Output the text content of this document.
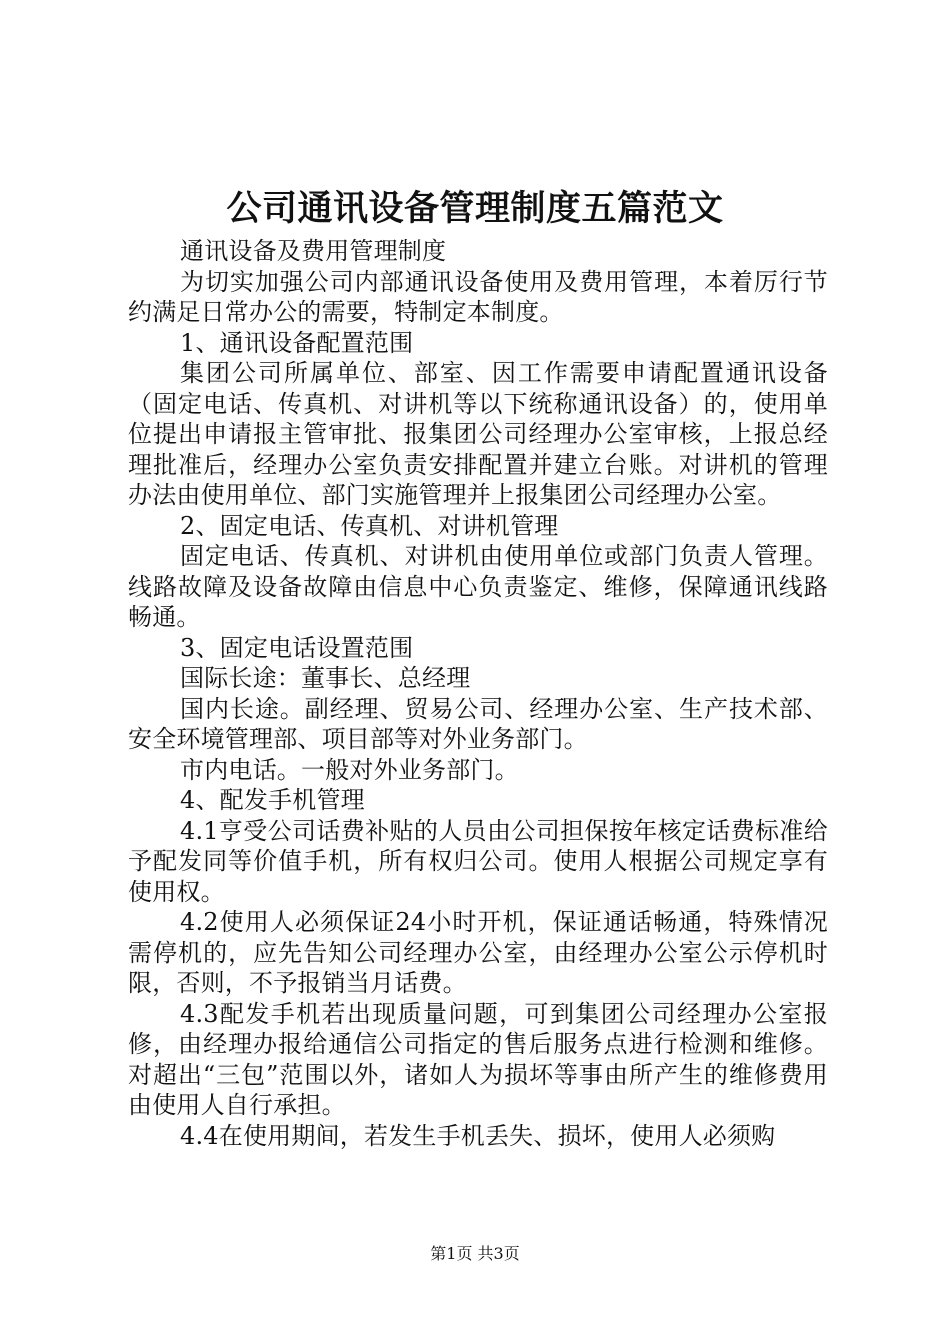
公司通讯设备管理制度五篇范文

通讯设备及费用管理制度

为切实加强公司内部通讯设备使用及费用管理，本着厉行节约满足日常办公的需要，特制定本制度。

1、通讯设备配置范围

集团公司所属单位、部室、因工作需要申请配置通讯设备（固定电话、传真机、对讲机等以下统称通讯设备）的，使用单位提出申请报主管审批、报集团公司经理办公室审核，上报总经理批准后，经理办公室负责安排配置并建立台账。对讲机的管理办法由使用单位、部门实施管理并上报集团公司经理办公室。

2、固定电话、传真机、对讲机管理

固定电话、传真机、对讲机由使用单位或部门负责人管理。线路故障及设备故障由信息中心负责鉴定、维修，保障通讯线路畅通。

3、固定电话设置范围

国际长途：董事长、总经理

国内长途。副经理、贸易公司、经理办公室、生产技术部、安全环境管理部、项目部等对外业务部门。

市内电话。一般对外业务部门。

4、配发手机管理

4.1亨受公司话费补贴的人员由公司担保按年核定话费标准给予配发同等价值手机，所有权归公司。使用人根据公司规定享有使用权。

4.2使用人必须保证24小时开机，保证通话畅通，特殊情况需停机的，应先告知公司经理办公室，由经理办公室公示停机时限，否则，不予报销当月话费。

4.3配发手机若出现质量问题，可到集团公司经理办公室报修，由经理办报给通信公司指定的售后服务点进行检测和维修。对超出“三包”范围以外，诸如人为损坏等事由所产生的维修费用由使用人自行承担。

4.4在使用期间，若发生手机丢失、损坏，使用人必须购

第1页 共3页
